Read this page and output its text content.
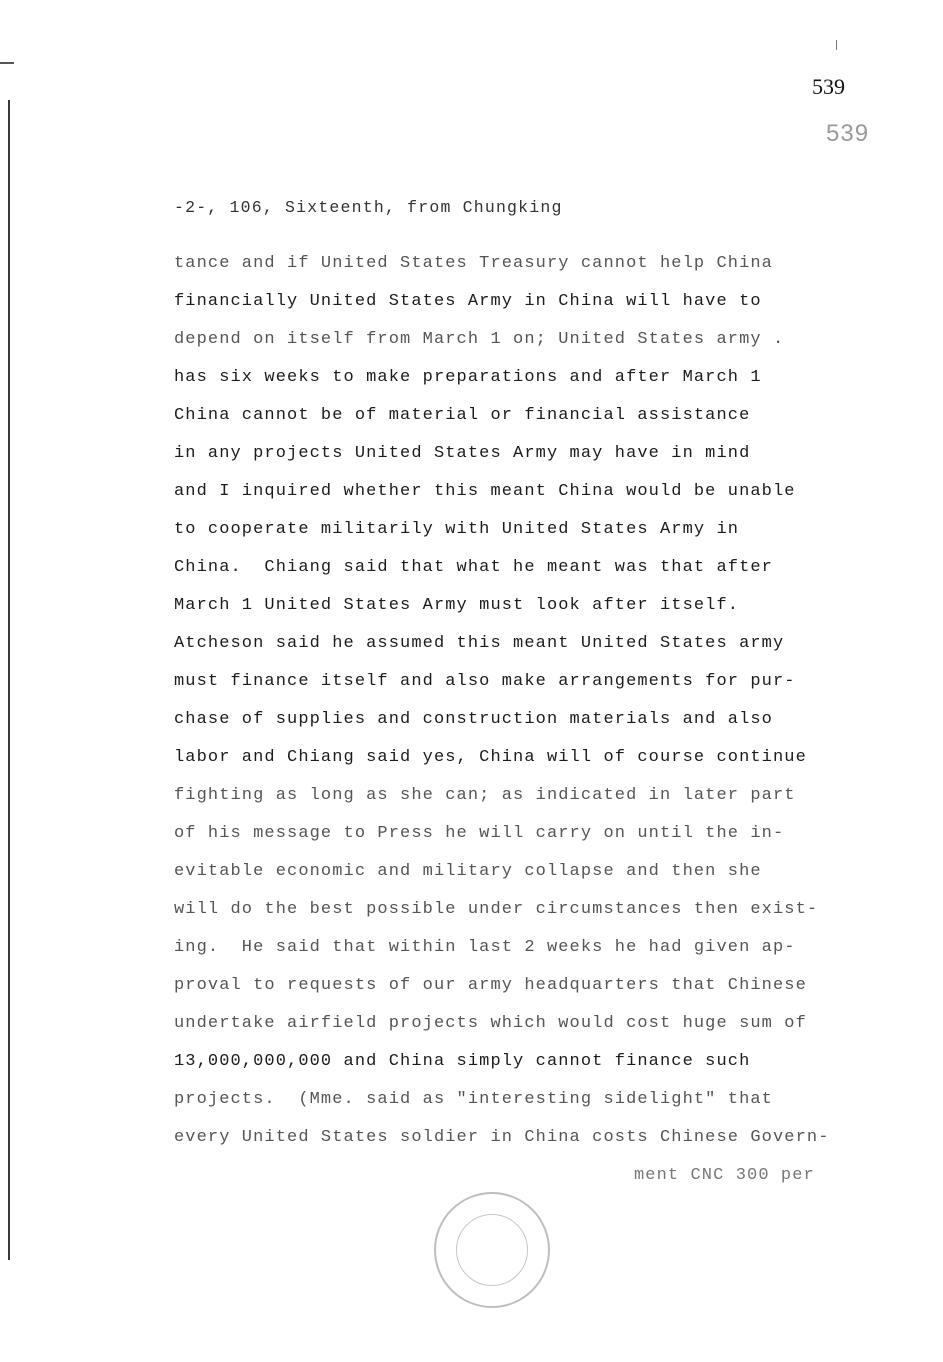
539
539
-2-, 106, Sixteenth, from Chungking
tance and if United States Treasury cannot help China
financially United States Army in China will have to
depend on itself from March 1 on; United States army .
has six weeks to make preparations and after March 1
China cannot be of material or financial assistance
in any projects United States Army may have in mind
and I inquired whether this meant China would be unable
to cooperate militarily with United States Army in
China.  Chiang said that what he meant was that after
March 1 United States Army must look after itself.
Atcheson said he assumed this meant United States army
must finance itself and also make arrangements for pur-
chase of supplies and construction materials and also
labor and Chiang said yes, China will of course continue
fighting as long as she can; as indicated in later part
of his message to Press he will carry on until the in-
evitable economic and military collapse and then she
will do the best possible under circumstances then exist-
ing.  He said that within last 2 weeks he had given ap-
proval to requests of our army headquarters that Chinese
undertake airfield projects which would cost huge sum of
13,000,000,000 and China simply cannot finance such
projects.  (Mme. said as "interesting sidelight" that
every United States soldier in China costs Chinese Govern-
ment CNC 300 per
